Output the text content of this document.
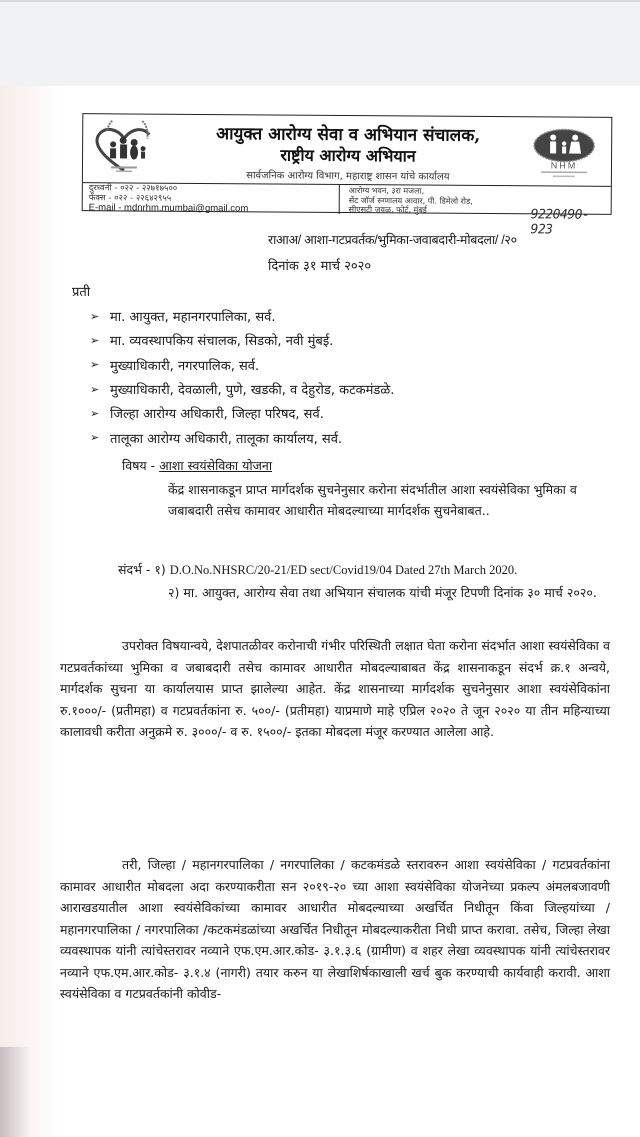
आयुक्त आरोग्य सेवा व अभियान संचालक,
राष्ट्रीय आरोग्य अभियान
सार्वजनिक आरोग्य विभाग, महाराष्ट्र शासन यांचे कार्यालय
NHM
दुरध्वनी - ०२२ - २२७१७५००
फॅक्स - ०२२ - २२६४२९५५
E-mail - mdnrhm.mumbai@gmail.com
आरोग्य भवन, ३रा मजला,
सेंट जॉर्ज रुग्णालय आवार, पी. डिमेलो रोड,
सीएसटी जवळ, फोर्ट, मुंबई	9220490-923
राआअ/ आशा-गटप्रवर्तक/भुमिका-जवाबदारी-मोबदला/ /२०
दिनांक ३१ मार्च २०२०
प्रती
➢ मा. आयुक्त, महानगरपालिका, सर्व.
➢ मा. व्यवस्थापकिय संचालक, सिडको, नवी मुंबई.
➢ मुख्याधिकारी, नगरपालिक, सर्व.
➢ मुख्याधिकारी, देवळाली, पुणे, खडकी, व देहुरोड, कटकमंडळे.
➢ जिल्हा आरोग्य अधिकारी, जिल्हा परिषद, सर्व.
➢ तालूका आरोग्य अधिकारी, तालूका कार्यालय, सर्व.
विषय - आशा स्वयंसेविका योजना
केंद्र शासनाकडून प्राप्त मार्गदर्शक सुचनेनुसार करोना संदर्भातील आशा स्वयंसेविका भुमिका व जबाबदारी तसेच कामावर आधारीत मोबदल्याच्या मार्गदर्शक सुचनेबाबत..
संदर्भ - १) D.O.No.NHSRC/20-21/ED sect/Covid19/04 Dated 27th March 2020.
२) मा. आयुक्त, आरोग्य सेवा तथा अभियान संचालक यांची मंजूर टिपणी दिनांक ३० मार्च २०२०.
उपरोक्त विषयान्वये, देशपातळीवर करोनाची गंभीर परिस्थिती लक्षात घेता करोना संदर्भात आशा स्वयंसेविका व गटप्रवर्तकांच्या भुमिका व जबाबदारी तसेच कामावर आधारीत मोबदल्याबाबत केंद्र शासनाकडून संदर्भ क्र.१ अन्वये, मार्गदर्शक सुचना या कार्यालयास प्राप्त झालेल्या आहेत. केंद्र शासनाच्या मार्गदर्शक सुचनेनुसार आशा स्वयंसेविकांना रु.१०००/- (प्रतीमहा) व गटप्रवर्तकांना रु. ५००/- (प्रतीमहा) याप्रमाणे माहे एप्रिल २०२० ते जून २०२० या तीन महिन्याच्या कालावधी करीता अनुक्रमे रु. ३०००/- व रु. १५००/- इतका मोबदला मंजूर करण्यात आलेला आहे.
तरी, जिल्हा / महानगरपालिका / नगरपालिका / कटकमंडळे स्तरावरुन आशा स्वयंसेविका / गटप्रवर्तकांना कामावर आधारीत मोबदला अदा करण्याकरीता सन २०१९-२० च्या आशा स्वयंसेविका योजनेच्या प्रकल्प अंमलबजावणी आराखडयातील आशा स्वयंसेविकांच्या कामावर आधारीत मोबदल्याच्या अखर्चित निधीतून किंवा जिल्हयांच्या / महानगरपालिका / नगरपालिका /कटकमंडळांच्या अखर्चित निधीतून मोबदल्याकरीता निधी प्राप्त करावा. तसेच, जिल्हा लेखा व्यवस्थापक यांनी त्यांचेस्तरावर नव्याने एफ.एम.आर.कोड- ३.१.३.६ (ग्रामीण) व शहर लेखा व्यवस्थापक यांनी त्यांचेस्तरावर नव्याने एफ.एम.आर.कोड- ३.१.४ (नागरी) तयार करुन या लेखाशिर्षकाखाली खर्च बुक करण्याची कार्यवाही करावी. आशा स्वयंसेविका व गटप्रवर्तकांनी कोवीड-
